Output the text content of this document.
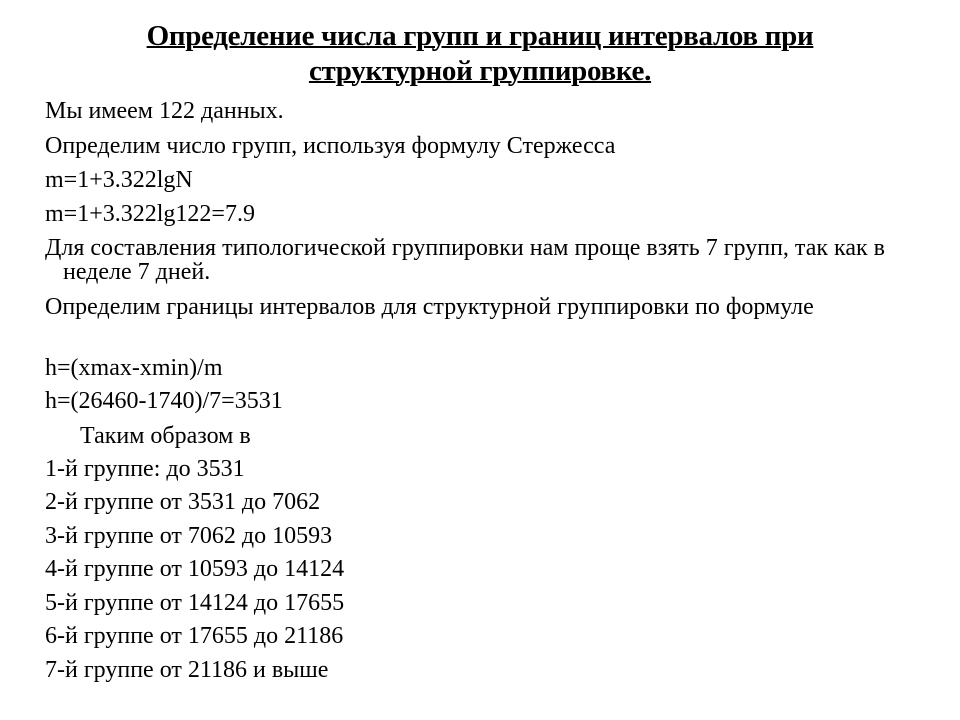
Определение числа групп и границ интервалов при
структурной группировке.
Мы имеем 122 данных.
Определим число групп, используя формулу Стержесса
m=1+3.322lgN
m=1+3.322lg122=7.9
Для составления типологической группировки нам проще взять 7 групп, так как в неделе 7 дней.
Определим границы интервалов для структурной группировки по формуле
h=(xmax-xmin)/m
h=(26460-1740)/7=3531
Таким образом в
1-й группе: до 3531
2-й группе от 3531 до 7062
3-й группе от 7062 до 10593
4-й группе от 10593 до 14124
5-й группе от 14124 до 17655
6-й группе от 17655 до 21186
7-й группе от 21186 и выше
